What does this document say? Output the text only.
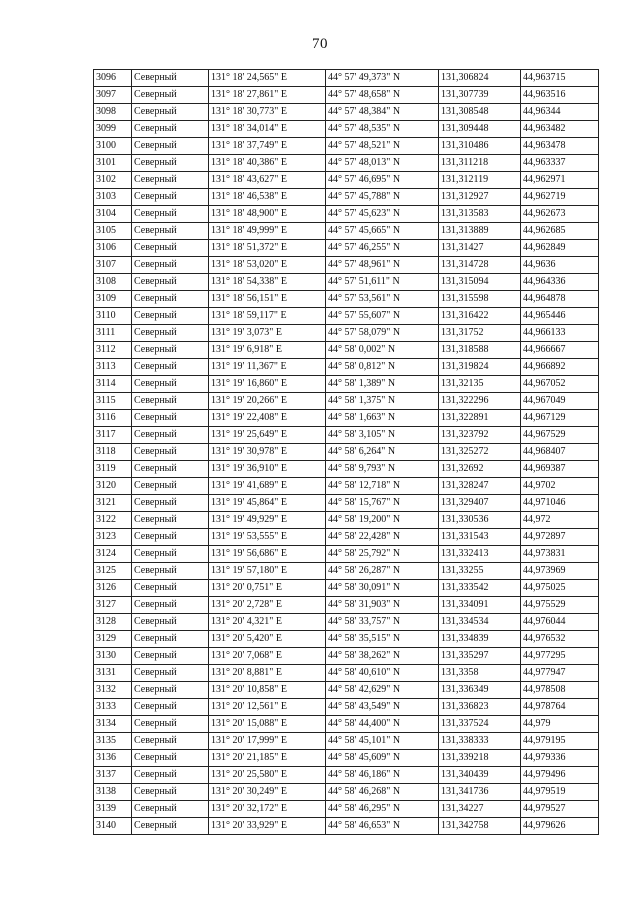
70
3096	Северный	131° 18' 24,565" E	44° 57' 49,373" N	131,306824	44,963715
3097	Северный	131° 18' 27,861" E	44° 57' 48,658" N	131,307739	44,963516
3098	Северный	131° 18' 30,773" E	44° 57' 48,384" N	131,308548	44,96344
3099	Северный	131° 18' 34,014" E	44° 57' 48,535" N	131,309448	44,963482
3100	Северный	131° 18' 37,749" E	44° 57' 48,521" N	131,310486	44,963478
3101	Северный	131° 18' 40,386" E	44° 57' 48,013" N	131,311218	44,963337
3102	Северный	131° 18' 43,627" E	44° 57' 46,695" N	131,312119	44,962971
3103	Северный	131° 18' 46,538" E	44° 57' 45,788" N	131,312927	44,962719
3104	Северный	131° 18' 48,900" E	44° 57' 45,623" N	131,313583	44,962673
3105	Северный	131° 18' 49,999" E	44° 57' 45,665" N	131,313889	44,962685
3106	Северный	131° 18' 51,372" E	44° 57' 46,255" N	131,31427	44,962849
3107	Северный	131° 18' 53,020" E	44° 57' 48,961" N	131,314728	44,9636
3108	Северный	131° 18' 54,338" E	44° 57' 51,611" N	131,315094	44,964336
3109	Северный	131° 18' 56,151" E	44° 57' 53,561" N	131,315598	44,964878
3110	Северный	131° 18' 59,117" E	44° 57' 55,607" N	131,316422	44,965446
3111	Северный	131° 19' 3,073" E	44° 57' 58,079" N	131,31752	44,966133
3112	Северный	131° 19' 6,918" E	44° 58' 0,002" N	131,318588	44,966667
3113	Северный	131° 19' 11,367" E	44° 58' 0,812" N	131,319824	44,966892
3114	Северный	131° 19' 16,860" E	44° 58' 1,389" N	131,32135	44,967052
3115	Северный	131° 19' 20,266" E	44° 58' 1,375" N	131,322296	44,967049
3116	Северный	131° 19' 22,408" E	44° 58' 1,663" N	131,322891	44,967129
3117	Северный	131° 19' 25,649" E	44° 58' 3,105" N	131,323792	44,967529
3118	Северный	131° 19' 30,978" E	44° 58' 6,264" N	131,325272	44,968407
3119	Северный	131° 19' 36,910" E	44° 58' 9,793" N	131,32692	44,969387
3120	Северный	131° 19' 41,689" E	44° 58' 12,718" N	131,328247	44,9702
3121	Северный	131° 19' 45,864" E	44° 58' 15,767" N	131,329407	44,971046
3122	Северный	131° 19' 49,929" E	44° 58' 19,200" N	131,330536	44,972
3123	Северный	131° 19' 53,555" E	44° 58' 22,428" N	131,331543	44,972897
3124	Северный	131° 19' 56,686" E	44° 58' 25,792" N	131,332413	44,973831
3125	Северный	131° 19' 57,180" E	44° 58' 26,287" N	131,33255	44,973969
3126	Северный	131° 20' 0,751" E	44° 58' 30,091" N	131,333542	44,975025
3127	Северный	131° 20' 2,728" E	44° 58' 31,903" N	131,334091	44,975529
3128	Северный	131° 20' 4,321" E	44° 58' 33,757" N	131,334534	44,976044
3129	Северный	131° 20' 5,420" E	44° 58' 35,515" N	131,334839	44,976532
3130	Северный	131° 20' 7,068" E	44° 58' 38,262" N	131,335297	44,977295
3131	Северный	131° 20' 8,881" E	44° 58' 40,610" N	131,3358	44,977947
3132	Северный	131° 20' 10,858" E	44° 58' 42,629" N	131,336349	44,978508
3133	Северный	131° 20' 12,561" E	44° 58' 43,549" N	131,336823	44,978764
3134	Северный	131° 20' 15,088" E	44° 58' 44,400" N	131,337524	44,979
3135	Северный	131° 20' 17,999" E	44° 58' 45,101" N	131,338333	44,979195
3136	Северный	131° 20' 21,185" E	44° 58' 45,609" N	131,339218	44,979336
3137	Северный	131° 20' 25,580" E	44° 58' 46,186" N	131,340439	44,979496
3138	Северный	131° 20' 30,249" E	44° 58' 46,268" N	131,341736	44,979519
3139	Северный	131° 20' 32,172" E	44° 58' 46,295" N	131,34227	44,979527
3140	Северный	131° 20' 33,929" E	44° 58' 46,653" N	131,342758	44,979626
